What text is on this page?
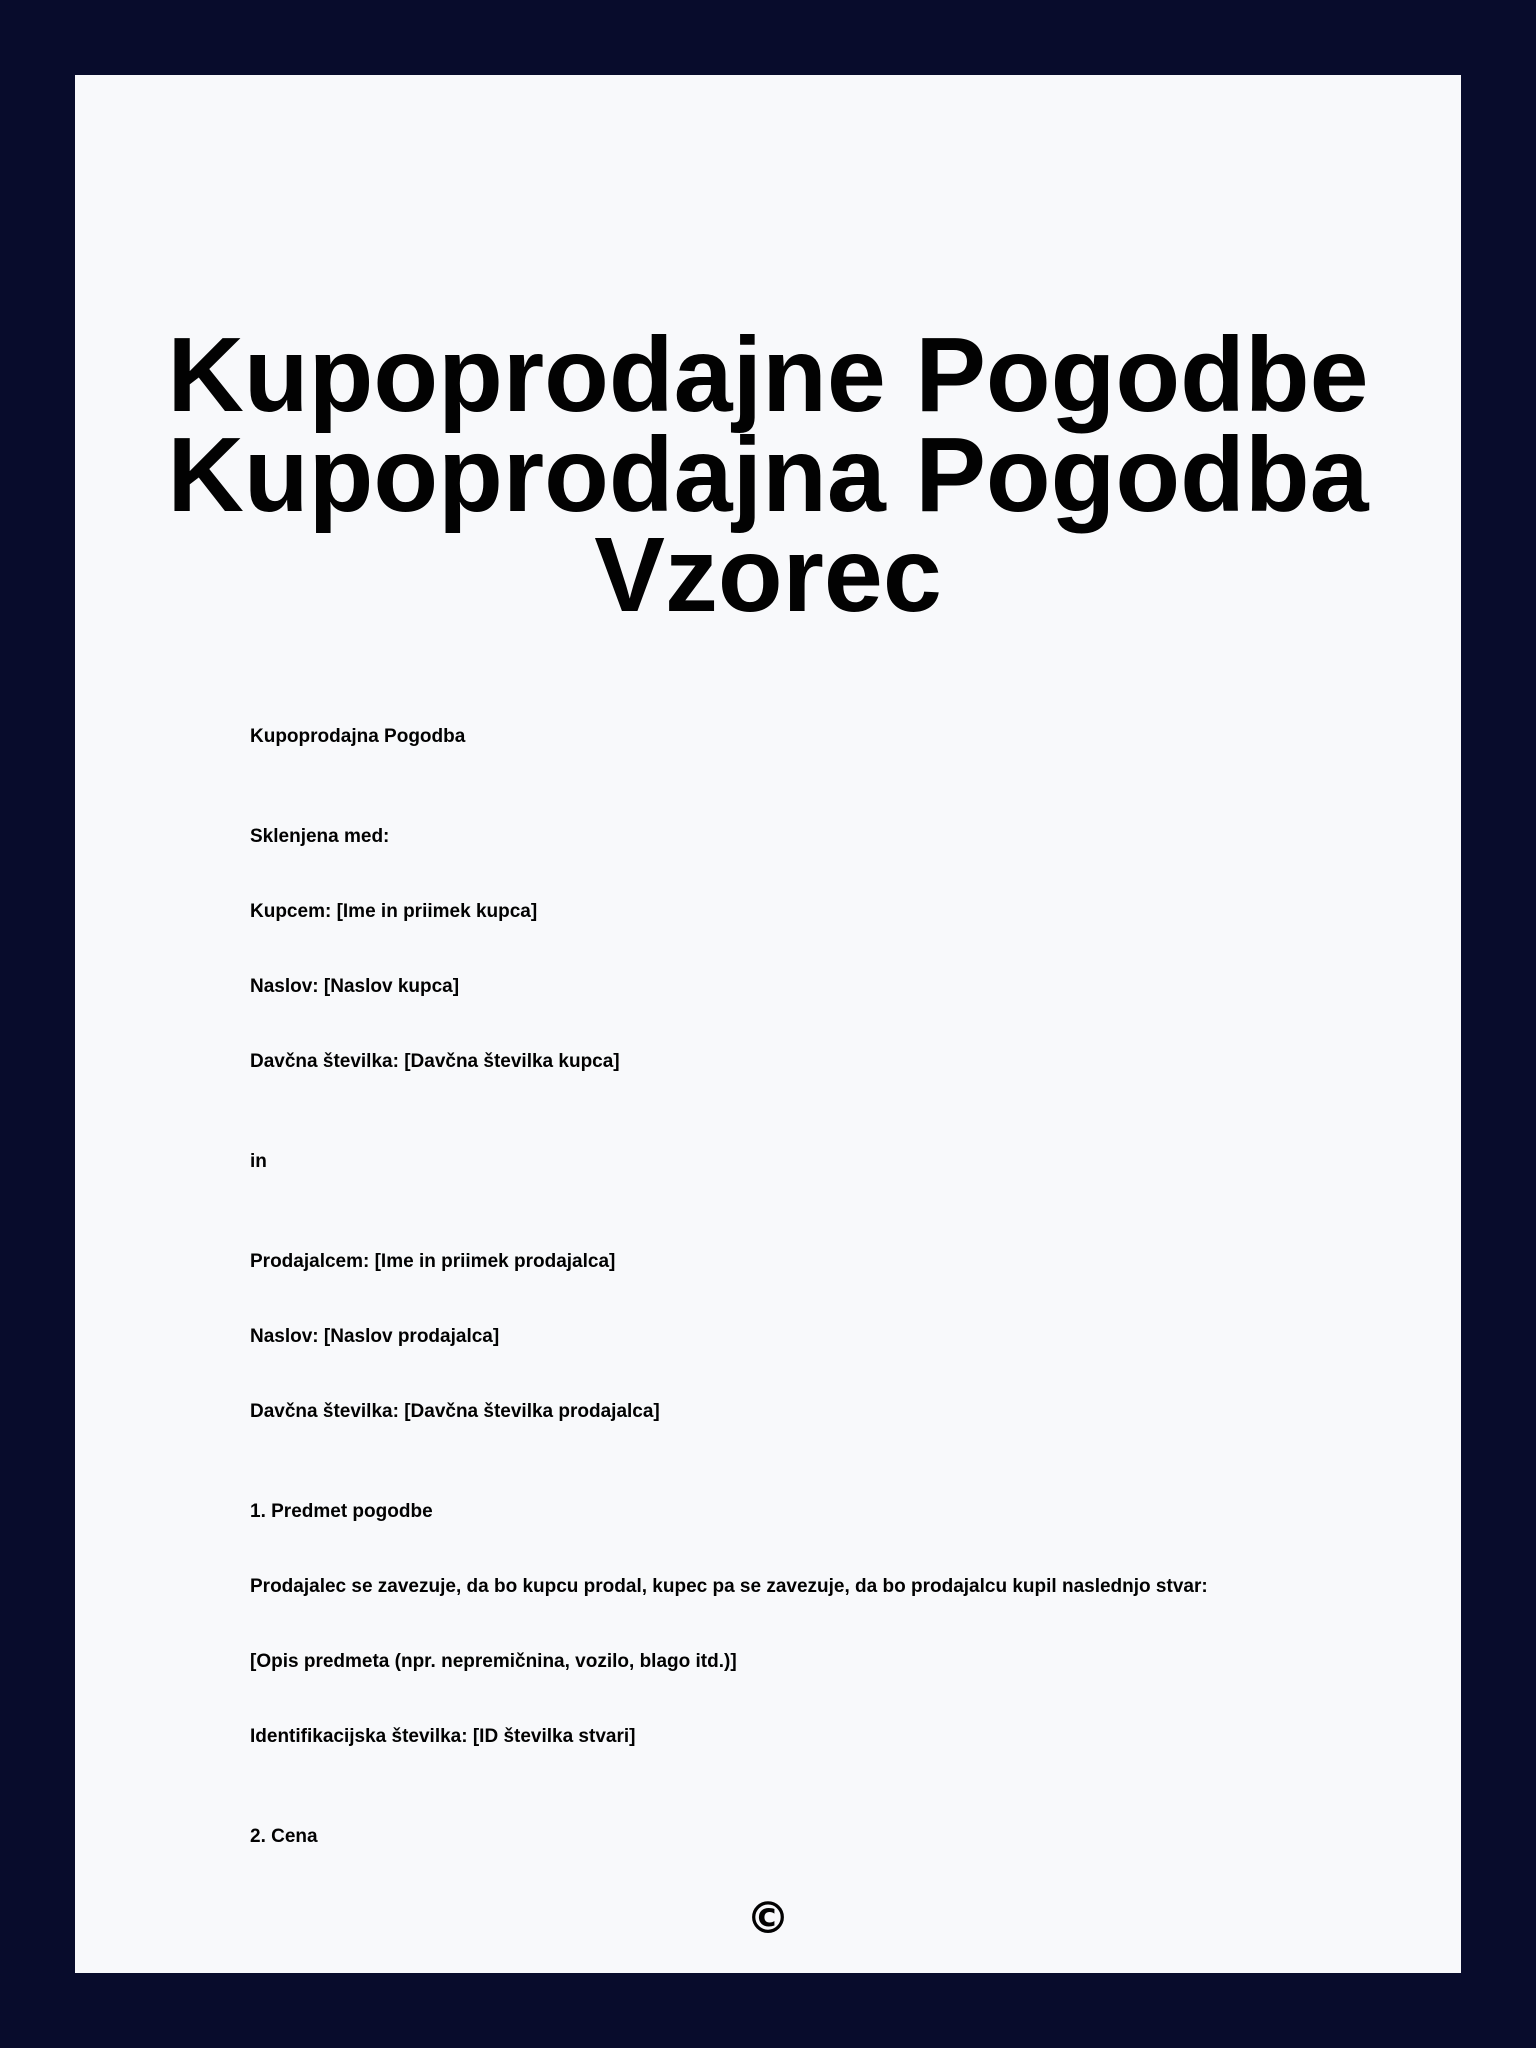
Kupoprodajne Pogodbe
Kupoprodajna Pogodba
Vzorec

Kupoprodajna Pogodba

Sklenjena med:

Kupcem: [Ime in priimek kupca]

Naslov: [Naslov kupca]

Davčna številka: [Davčna številka kupca]

in

Prodajalcem: [Ime in priimek prodajalca]

Naslov: [Naslov prodajalca]

Davčna številka: [Davčna številka prodajalca]

1. Predmet pogodbe

Prodajalec se zavezuje, da bo kupcu prodal, kupec pa se zavezuje, da bo prodajalcu kupil naslednjo stvar:

[Opis predmeta (npr. nepremičnina, vozilo, blago itd.)]

Identifikacijska številka: [ID številka stvari]

2. Cena

©
